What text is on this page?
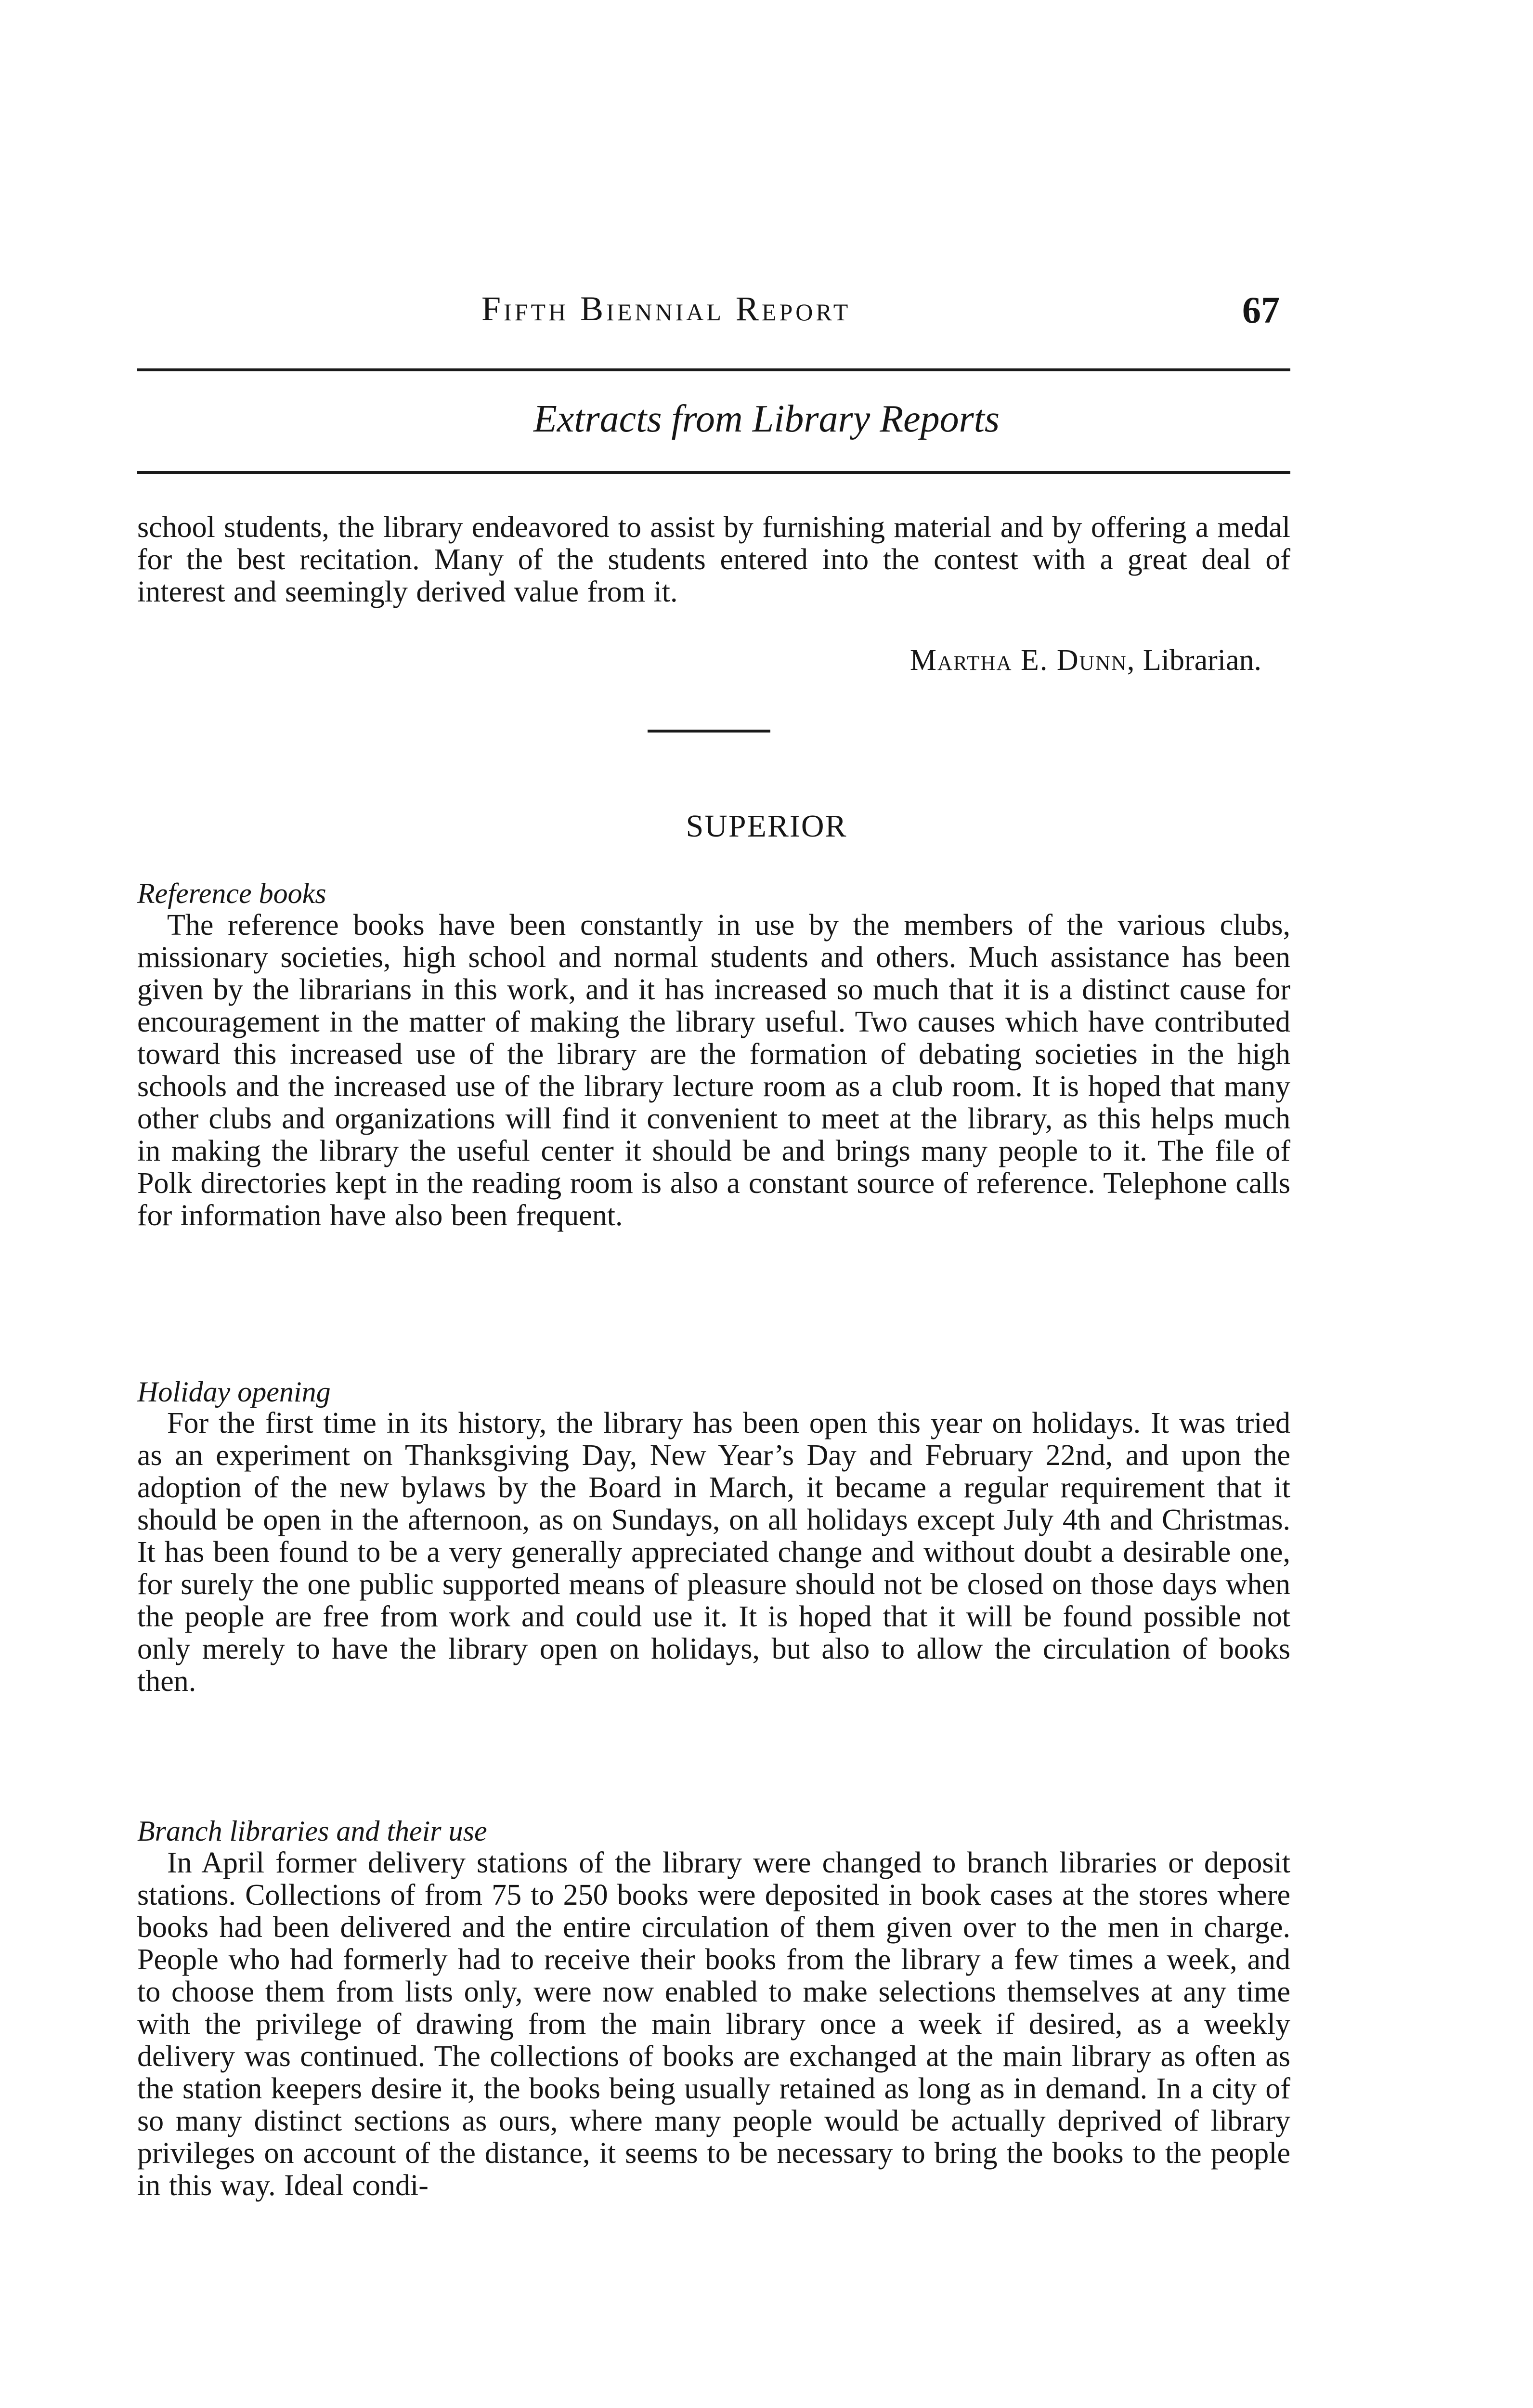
Fifth Biennial Report	67
Extracts from Library Reports

school students, the library endeavored to assist by furnishing material and by offering a medal for the best recitation. Many of the students entered into the contest with a great deal of interest and seemingly derived value from it.

Martha E. Dunn, Librarian.
SUPERIOR
Reference books

The reference books have been constantly in use by the members of the various clubs, missionary societies, high school and normal students and others. Much assistance has been given by the librarians in this work, and it has increased so much that it is a distinct cause for encouragement in the matter of making the library useful. Two causes which have contributed toward this increased use of the library are the formation of debating societies in the high schools and the increased use of the library lecture room as a club room. It is hoped that many other clubs and organizations will find it convenient to meet at the library, as this helps much in making the library the useful center it should be and brings many people to it. The file of Polk directories kept in the reading room is also a constant source of reference. Telephone calls for information have also been frequent.

Holiday opening

For the first time in its history, the library has been open this year on holidays. It was tried as an experiment on Thanksgiving Day, New Year’s Day and February 22nd, and upon the adoption of the new bylaws by the Board in March, it became a regular requirement that it should be open in the afternoon, as on Sundays, on all holidays except July 4th and Christmas. It has been found to be a very generally appreciated change and without doubt a desirable one, for surely the one public supported means of pleasure should not be closed on those days when the people are free from work and could use it. It is hoped that it will be found possible not only merely to have the library open on holidays, but also to allow the circulation of books then.

Branch libraries and their use

In April former delivery stations of the library were changed to branch libraries or deposit stations. Collections of from 75 to 250 books were deposited in book cases at the stores where books had been delivered and the entire circulation of them given over to the men in charge. People who had formerly had to receive their books from the library a few times a week, and to choose them from lists only, were now enabled to make selections themselves at any time with the privilege of drawing from the main library once a week if desired, as a weekly delivery was continued. The collections of books are exchanged at the main library as often as the station keepers desire it, the books being usually retained as long as in demand. In a city of so many distinct sections as ours, where many people would be actually deprived of library privileges on account of the distance, it seems to be necessary to bring the books to the people in this way. Ideal condi-
